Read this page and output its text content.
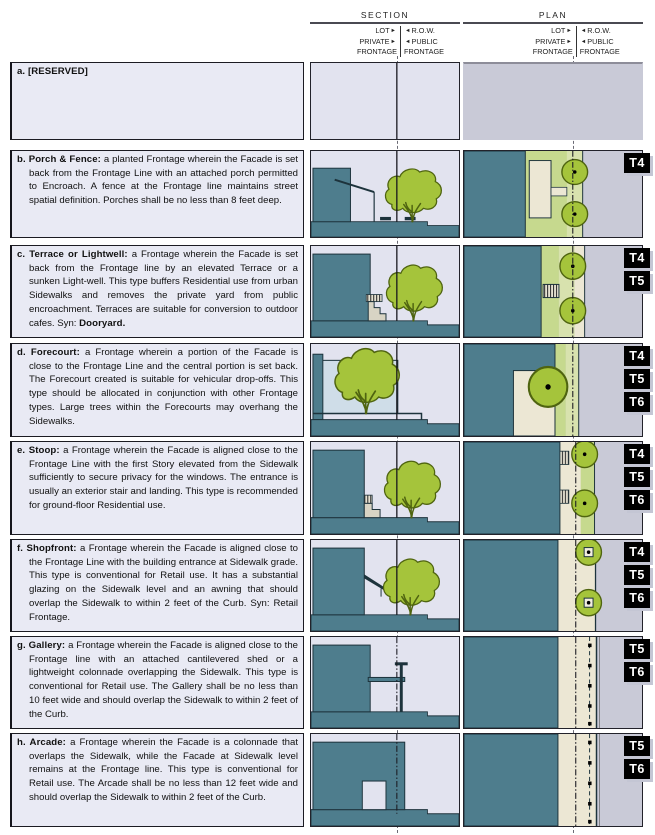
SECTION
LOT►
PRIVATE►
FRONTAGE
◄R.O.W.
◄PUBLIC
FRONTAGE
PLAN
LOT►
PRIVATE►
FRONTAGE
◄R.O.W.
◄PUBLIC
FRONTAGE

a. [RESERVED]

b. Porch & Fence: a planted Frontage wherein the Facade is set back from the Frontage Line with an attached porch permitted to Encroach. A fence at the Frontage line maintains street spatial definition. Porches shall be no less than 8 feet deep.

T4

c. Terrace or Lightwell: a Frontage wherein the Facade is set back from the Frontage line by an elevated Terrace or a sunken Light-well. This type buffers Residential use from urban Sidewalks and removes the private yard from public encroachment. Terraces are suitable for conversion to outdoor cafes. Syn: Dooryard.

T4
T5

d. Forecourt: a Frontage wherein a portion of the Facade is close to the Frontage Line and the central portion is set back. The Forecourt created is suitable for vehicular drop-offs. This type should be allocated in conjunction with other Frontage types. Large trees within the Forecourts may overhang the Sidewalks.

T4
T5
T6

e. Stoop: a Frontage wherein the Facade is aligned close to the Frontage Line with the first Story elevated from the Sidewalk sufficiently to secure privacy for the windows. The entrance is usually an exterior stair and landing. This type is recommended for ground-floor Residential use.

T4
T5
T6

f. Shopfront: a Frontage wherein the Facade is aligned close to the Frontage Line with the building entrance at Sidewalk grade. This type is conventional for Retail use. It has a substantial glazing on the Sidewalk level and an awning that should overlap the Sidewalk to within 2 feet of the Curb. Syn: Retail Frontage.

T4
T5
T6

g. Gallery: a Frontage wherein the Facade is aligned close to the Frontage line with an attached cantilevered shed or a lightweight colonnade overlapping the Sidewalk. This type is conventional for Retail use. The Gallery shall be no less than 10 feet wide and should overlap the Sidewalk to within 2 feet of the Curb.

T5
T6

h. Arcade: a Frontage wherein the Facade is a colonnade that overlaps the Sidewalk, while the Facade at Sidewalk level remains at the Frontage line. This type is conventional for Retail use. The Arcade shall be no less than 12 feet wide and should overlap the Sidewalk to within 2 feet of the Curb.

T5
T6
